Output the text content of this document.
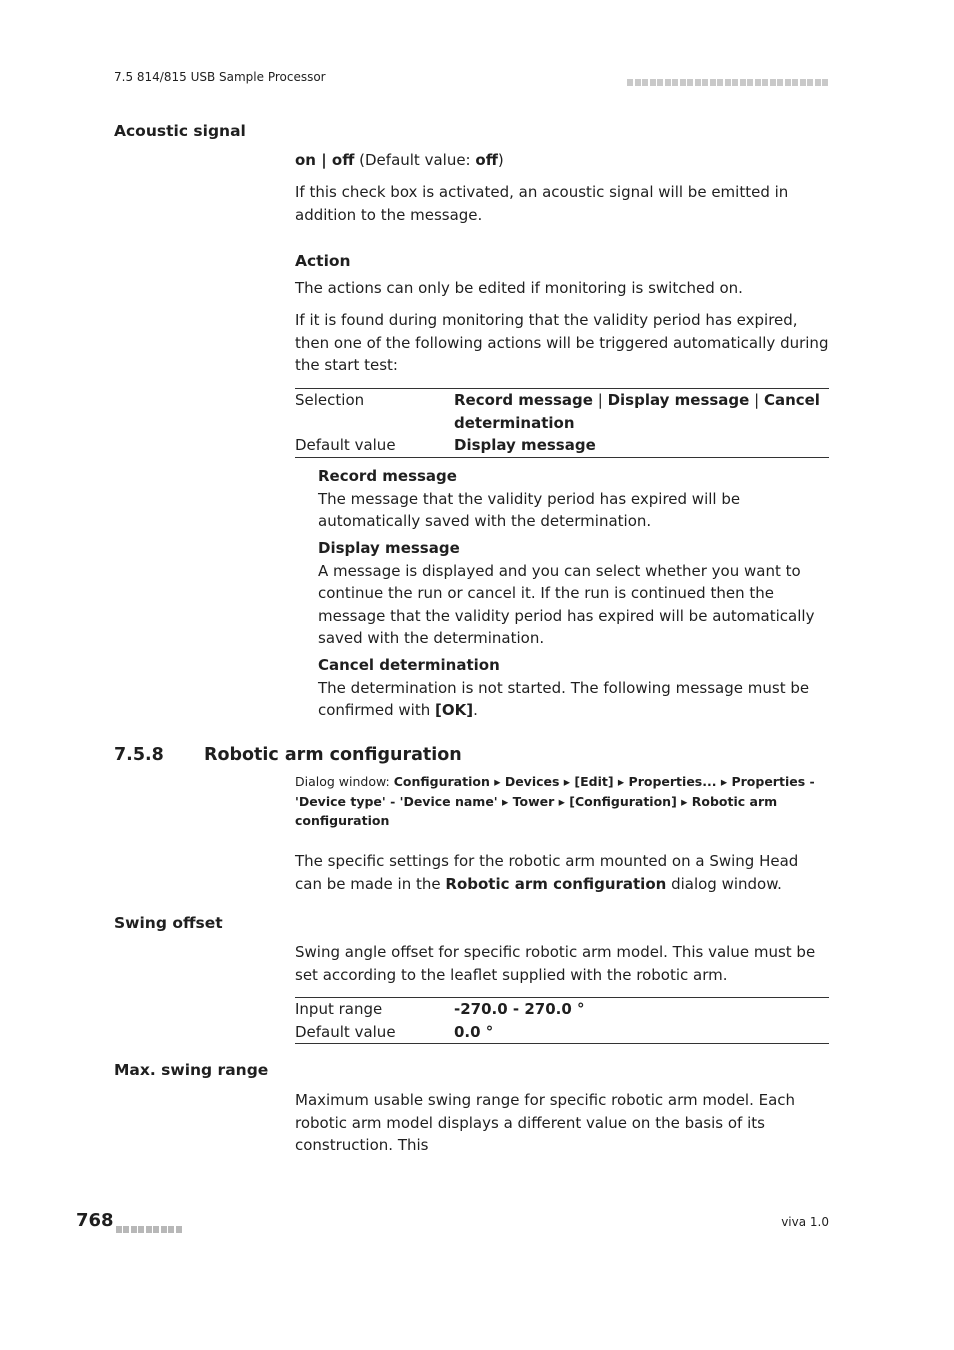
7.5 814/815 USB Sample Processor
Acoustic signal

on | off (Default value: off)

If this check box is activated, an acoustic signal will be emitted in addition to the message.

Action
The actions can only be edited if monitoring is switched on.
If it is found during monitoring that the validity period has expired, then one of the following actions will be triggered automatically during the start test:
Selection	Record message | Display message | Cancel determination
Default value	Display message
Record message
The message that the validity period has expired will be automatically saved with the determination.
Display message
A message is displayed and you can select whether you want to continue the run or cancel it. If the run is continued then the message that the validity period has expired will be automatically saved with the determination.
Cancel determination
The determination is not started. The following message must be confirmed with [OK].
7.5.8 Robotic arm configuration
Dialog window: Configuration ▸ Devices ▸ [Edit] ▸ Properties... ▸ Properties - 'Device type' - 'Device name' ▸ Tower ▸ [Configuration] ▸ Robotic arm configuration
The specific settings for the robotic arm mounted on a Swing Head can be made in the Robotic arm configuration dialog window.
Swing offset
Swing angle offset for specific robotic arm model. This value must be set according to the leaflet supplied with the robotic arm.
Input range	-270.0 - 270.0 °
Default value	0.0 °
Max. swing range
Maximum usable swing range for specific robotic arm model. Each robotic arm model displays a different value on the basis of its construction. This
768	viva 1.0
